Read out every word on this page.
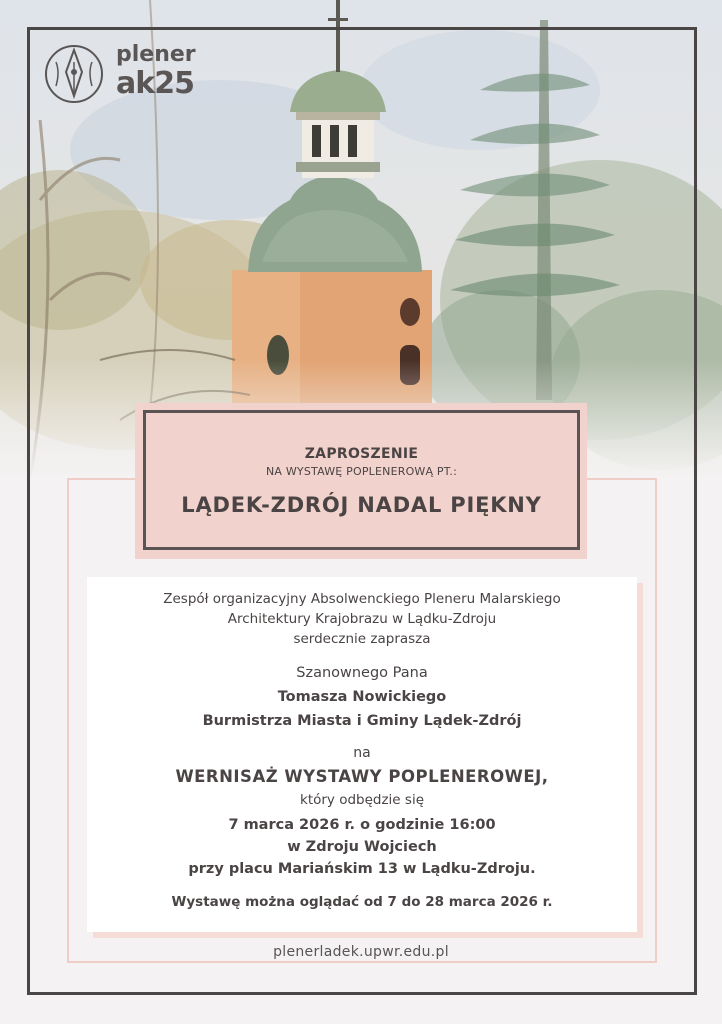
plener
ak25
ZAPROSZENIE
NA WYSTAWĘ POPLENEROWĄ PT.:
LĄDEK-ZDRÓJ NADAL PIĘKNY
Zespół organizacyjny Absolwenckiego Pleneru Malarskiego
Architektury Krajobrazu w Lądku-Zdroju
serdecznie zaprasza
Szanownego Pana
Tomasza Nowickiego
Burmistrza Miasta i Gminy Lądek-Zdrój
na
WERNISAŻ WYSTAWY POPLENEROWEJ,
który odbędzie się
7 marca 2026 r. o godzinie 16:00
w Zdroju Wojciech
przy placu Mariańskim 13 w Lądku-Zdroju.
Wystawę można oglądać od 7 do 28 marca 2026 r.
plenerladek.upwr.edu.pl
